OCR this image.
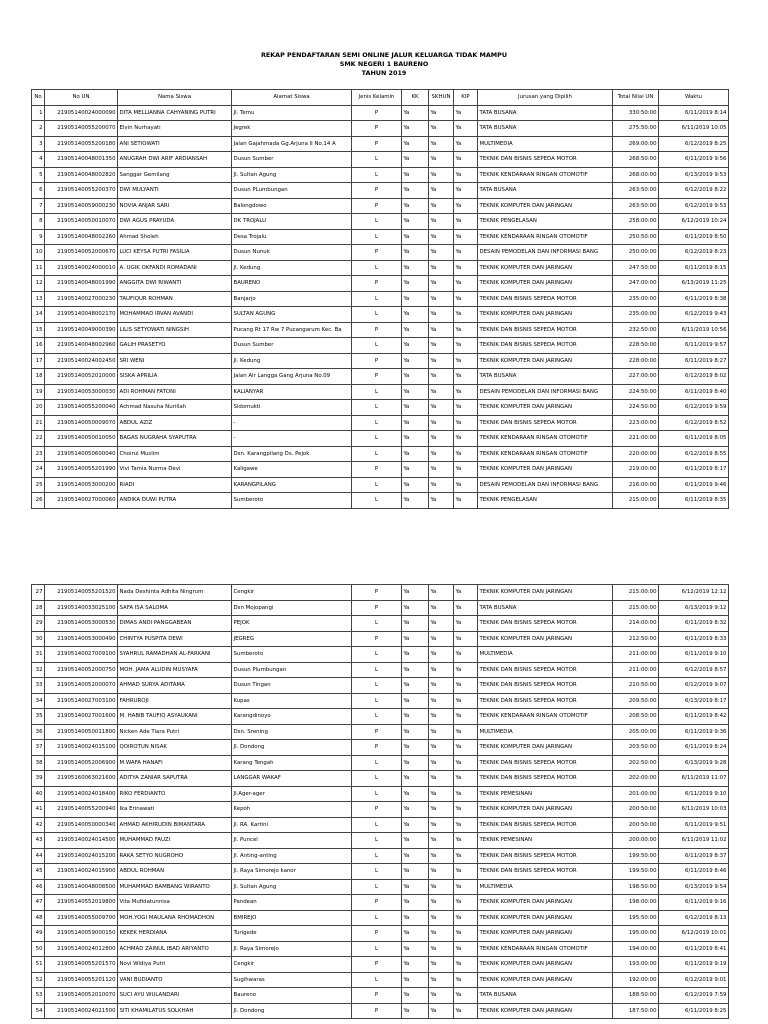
REKAP PENDAFTARAN SEMI ONLINE JALUR KELUARGA TIDAK MAMPU
SMK NEGERI 1 BAURENO
TAHUN 2019
No	No UN	Nama Siswa	Alamat Siswa	Jenis Kelamin	KK	SKHUN	KIP	Jurusan yang Dipilih	Total Nilai UN	Waktu
1	21905140024000090	DITA MELLIANNA CAHYANING PUTRI	Jl. Temu	P	Ya	Ya	Ya	TATA BUSANA	330:50:00	6/11/2019 8:14
2	21905140055200070	Elvin Nurhayati	Jegrek	P	Ya	Ya	Ya	TATA BUSANA	275:50:00	6/11/2019 10:05
3	21905140055200180	ANI SETIOWATI	Jalan Gajahmada Gg.Arjuna II No.14 A	P	Ya	Ya	Ya	MULTIMEDIA	269:00:00	6/12/2019 8:25
4	21905140048001350	ANUGRAH DWI ARIF ARDIANSAH	Dusun Sumber	L	Ya	Ya	Ya	TEKNIK DAN BISNIS SEPEDA MOTOR	268:50:00	6/11/2019 9:56
5	21905140048002820	Sanggar Gemilang	Jl. Sultan Agung	L	Ya	Ya	Ya	TEKNIK KENDARAAN RINGAN OTOMOTIF	268:00:00	6/13/2019 9:53
6	21905140055200370	DWI MULYANTI	Dusun PLumbungan	P	Ya	Ya	Ya	TATA BUSANA	263:50:00	6/12/2019 8:22
7	21905140059000230	NOVIA ANJAR SARI	Balongdowo	P	Ya	Ya	Ya	TEKNIK KOMPUTER DAN JARINGAN	263:50:00	6/12/2019 9:53
8	21905140050010070	DWI AGUS PRAYUDA	DK TROJALU	L	Ya	Ya	Ya	TEKNIK PENGELASAN	258:00:00	6/12/2019 10:24
9	21905140048002260	Ahmad Sholeh	Desa Trojalu	L	Ya	Ya	Ya	TEKNIK KENDARAAN RINGAN OTOMOTIF	250:50:00	6/11/2019 8:50
10	21905140052000670	LUCI KEYSA PUTRI FASILIA	Dusun Nunuk	P	Ya	Ya	Ya	DESAIN PEMODELAN DAN INFORMASI BANG	250:00:00	6/12/2019 8:23
11	21905140024000010	A. UGIK OKFANDI ROMADANI	Jl. Kedung	L	Ya	Ya	Ya	TEKNIK KOMPUTER DAN JARINGAN	247:50:00	6/11/2019 8:15
12	21905140048001990	ANGGITA DWI RIWANTI	BAURENO	P	Ya	Ya	Ya	TEKNIK KOMPUTER DAN JARINGAN	247:00:00	6/13/2019 11:25
13	21905140027000230	TAUFIQUR ROHMAN	Banjarjo	L	Ya	Ya	Ya	TEKNIK DAN BISNIS SEPEDA MOTOR	235:00:00	6/11/2019 8:38
14	21905140048002170	MOHAMMAD IRVAN AVANDI	SULTAN AGUNG	L	Ya	Ya	Ya	TEKNIK KOMPUTER DAN JARINGAN	235:00:00	6/12/2019 9:43
15	21905140049000390	LILIS SETYOWATI NINGSIH	Pucang Rt 17 Rw 7 Pucangarum Kec. Ba	P	Ya	Ya	Ya	TEKNIK DAN BISNIS SEPEDA MOTOR	232:50:00	6/11/2019 10:56
16	21905140048002960	GALIH PRASETYO	Dusun Sumber	L	Ya	Ya	Ya	TEKNIK DAN BISNIS SEPEDA MOTOR	228:50:00	6/11/2019 9:57
17	21905140024002450	SRI WENI	Jl. Kedung	P	Ya	Ya	Ya	TEKNIK KOMPUTER DAN JARINGAN	228:00:00	6/11/2019 8:27
18	21905140052010000	SISKA APRILIA	Jalan Air Langga Gang Arjuna No.09	P	Ya	Ya	Ya	TATA BUSANA	227:00:00	6/12/2019 8:02
19	21905140053000030	ADI ROHMAN FATONI	KALIANYAR	L	Ya	Ya	Ya	DESAIN PEMODELAN DAN INFORMASI BANG	224:50:00	6/11/2019 8:40
20	21905140055200040	Achmad Nasuha Nurillah	Sidomukti	L	Ya	Ya	Ya	TEKNIK KOMPUTER DAN JARINGAN	224:50:00	6/12/2019 9:59
21	21905140050009070	ABDUL AZIZ	-	L	Ya	Ya	Ya	TEKNIK DAN BISNIS SEPEDA MOTOR	223:00:00	6/12/2019 8:52
22	21905140050010050	BAGAS NUGRAHA SYAPUTRA	-	L	Ya	Ya	Ya	TEKNIK KENDARAAN RINGAN OTOMOTIF	221:00:00	6/11/2019 8:05
23	21905140050600040	Choirul Muslim	Dsn. Karangpilang Ds. Pejok	L	Ya	Ya	Ya	TEKNIK KENDARAAN RINGAN OTOMOTIF	220:00:00	6/12/2019 8:55
24	21905140055201990	Vivi Tamia Nurma Devi	Kaligawe	P	Ya	Ya	Ya	TEKNIK KOMPUTER DAN JARINGAN	219:00:00	6/11/2019 8:17
25	21905140053000200	RIADI	KARANGPILANG	L	Ya	Ya	Ya	DESAIN PEMODELAN DAN INFORMASI BANG	216:00:00	6/11/2019 9:46
26	21905140027000060	ANDIKA DUWI PUTRA	Sumberoto	L	Ya	Ya	Ya	TEKNIK PENGELASAN	215:00:00	6/11/2019 8:35
27	21905140055201520	Nada Deshinta Adhita Ningrum	Cengkir	P	Ya	Ya	Ya	TEKNIK KOMPUTER DAN JARINGAN	215:00:00	6/12/2019 12:12
28	21905140033025100	SAFA ISA SALOMA	Dsn Mojopangi	P	Ya	Ya	Ya	TATA BUSANA	215:00:00	6/13/2019 9:12
29	21905140053000530	DIMAS ANDI PANGGABEAN	PEJOK	L	Ya	Ya	Ya	TEKNIK DAN BISNIS SEPEDA MOTOR	214:00:00	6/11/2019 8:32
30	21905140053000490	CHINTYA PUSPITA DEWI	JEGREG	P	Ya	Ya	Ya	TEKNIK KOMPUTER DAN JARINGAN	212:50:00	6/11/2019 8:33
31	21905140027009100	SYAHRUL RAMADHAN AL-FARKANI	Sumberoto	L	Ya	Ya	Ya	MULTIMEDIA	211:00:00	6/11/2019 9:10
32	21905140052000750	MOH. JAMA ALUDIN MUSYAFA	Dusun Plumbungan	L	Ya	Ya	Ya	TEKNIK DAN BISNIS SEPEDA MOTOR	211:00:00	6/12/2019 8:57
33	21905140052000070	AHMAD SURYA ADITAMA	Dusun Tingan	L	Ya	Ya	Ya	TEKNIK DAN BISNIS SEPEDA MOTOR	210:50:00	6/12/2019 9:07
34	21905140027003100	FAHRUROJI	Kupas	L	Ya	Ya	Ya	TEKNIK DAN BISNIS SEPEDA MOTOR	209:50:00	6/13/2019 8:17
35	21905140027001600	M. HABIB TAUFIQ ASYAUKANI	Karangdinoyo	L	Ya	Ya	Ya	TEKNIK KENDARAAN RINGAN OTOMOTIF	208:50:00	6/11/2019 8:42
36	21905140050011800	Nicken Ade Tiara Putri	Dsn. Srening	P	Ya	Ya	Ya	MULTIMEDIA	205:00:00	6/11/2019 9:36
37	21905140024015100	QOIROTUN NISAK	Jl. Dondong	P	Ya	Ya	Ya	TEKNIK KOMPUTER DAN JARINGAN	203:50:00	6/11/2019 8:24
38	21905140052006900	M.WAFA HANAFI	Karang Tengah	L	Ya	Ya	Ya	TEKNIK DAN BISNIS SEPEDA MOTOR	202:50:00	6/13/2019 9:28
39	21905160063021600	ADITYA ZANIAR SAPUTRA	LANGGAR WAKAF	L	Ya	Ya	Ya	TEKNIK DAN BISNIS SEPEDA MOTOR	202:00:00	6/11/2019 11:07
40	21905140024018400	RIKO FERDIANTO	Jl.Ager-ager	L	Ya	Ya	Ya	TEKNIK PEMESINAN	201:00:00	6/11/2019 9:10
41	21905140055200940	Ika Erinawati	Kepoh	P	Ya	Ya	Ya	TEKNIK KOMPUTER DAN JARINGAN	200:50:00	6/11/2019 10:03
42	21905140050000340	AHMAD AKHIRUDIN BIMANTARA	Jl. RA. Kartini	L	Ya	Ya	Ya	TEKNIK DAN BISNIS SEPEDA MOTOR	200:50:00	6/11/2019 9:51
43	21905140024014500	MUHAMMAD FAUZI	Jl. Puncel	L	Ya	Ya	Ya	TEKNIK PEMESINAN	200:00:00	6/11/2019 11:02
44	21905140024015200	RAKA SETYO NUGROHO	Jl. Anting-anting	L	Ya	Ya	Ya	TEKNIK DAN BISNIS SEPEDA MOTOR	199:50:00	6/11/2019 8:37
45	21905140024015900	ABDUL ROHMAN	Jl. Raya Simorejo kanor	L	Ya	Ya	Ya	TEKNIK DAN BISNIS SEPEDA MOTOR	199:50:00	6/11/2019 8:46
46	21905140048008500	MUHAMMAD BAMBANG WIRANTO	Jl. Sultan Agung	L	Ya	Ya	Ya	MULTIMEDIA	198:50:00	6/13/2019 9:54
47	21905140552019800	Vita Mufidatunnisa	Pandean	P	Ya	Ya	Ya	TEKNIK KOMPUTER DAN JARINGAN	198:00:00	6/11/2019 9:16
48	21905140055009700	MOH.YOGI MAULANA RHOMADHON	BMIREJO	L	Ya	Ya	Ya	TEKNIK KOMPUTER DAN JARINGAN	195:50:00	6/12/2019 8:13
49	21905140059000150	KEKEK HERDIANA	Turigede	P	Ya	Ya	Ya	TEKNIK KOMPUTER DAN JARINGAN	195:00:00	6/12/2019 10:01
50	21905140024012800	ACHMAD ZAINUL IBAD ARIYANTO	Jl. Raya Simorejo	L	Ya	Ya	Ya	TEKNIK KENDARAAN RINGAN OTOMOTIF	194:00:00	6/11/2019 8:41
51	21905140055201570	Novi Widiya Putri	Cengkir	P	Ya	Ya	Ya	TEKNIK KOMPUTER DAN JARINGAN	193:00:00	6/11/2019 9:19
52	21905140055201120	VANI BUDIANTO	Sugihwaras	L	Ya	Ya	Ya	TEKNIK KOMPUTER DAN JARINGAN	192:00:00	6/12/2019 9:01
53	21905140052010070	SUCI AYU WULANDARI	Baureno	P	Ya	Ya	Ya	TATA BUSANA	188:50:00	6/12/2019 7:59
54	21905140024021500	SITI KHAMILATUS SOLKHAH	Jl. Dondong	P	Ya	Ya	Ya	TEKNIK KOMPUTER DAN JARINGAN	187:50:00	6/11/2019 8:25
